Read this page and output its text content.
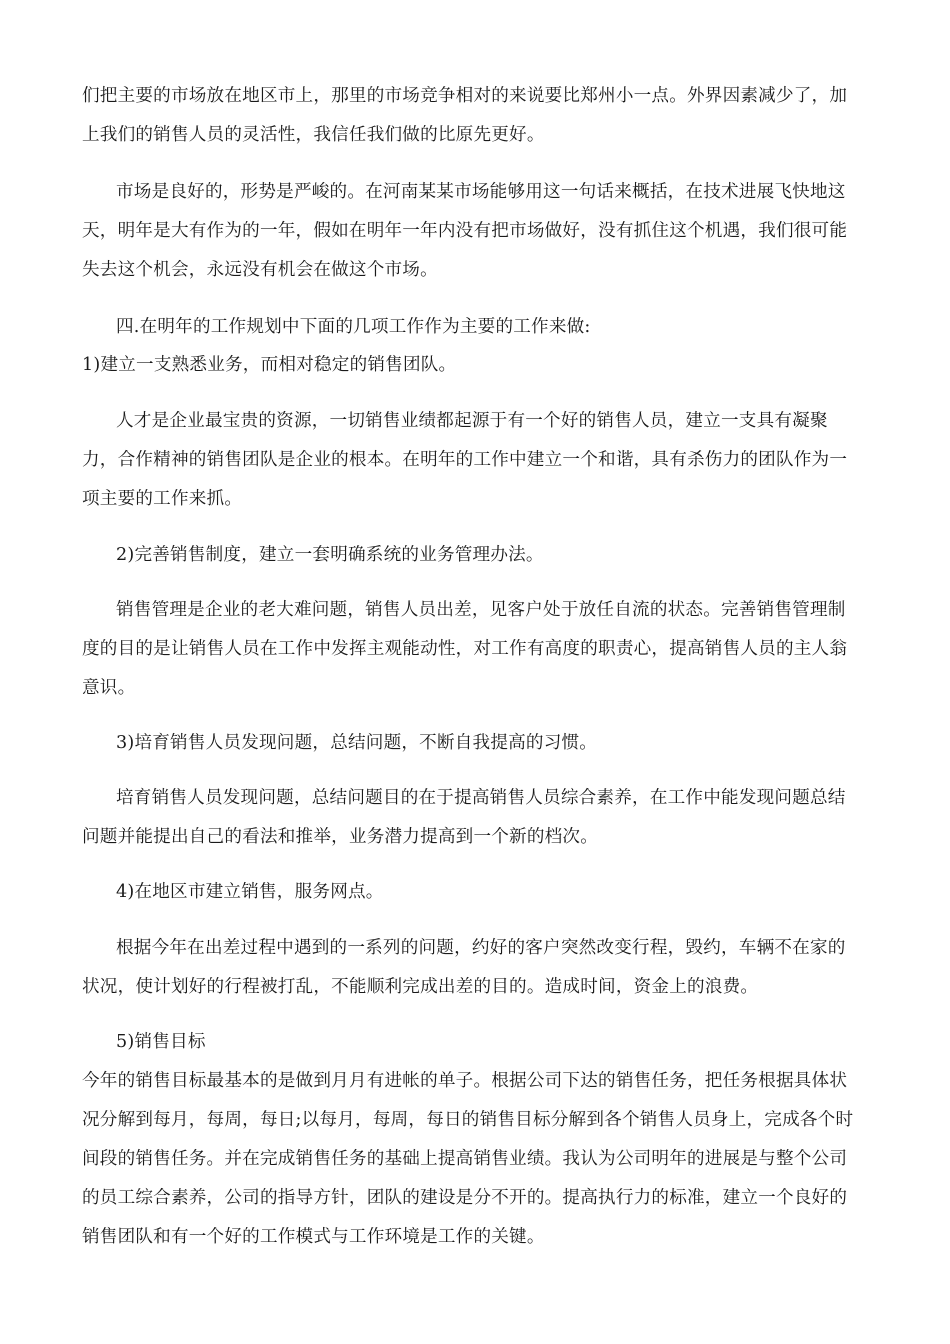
们把主要的市场放在地区市上，那里的市场竞争相对的来说要比郑州小一点。外界因素减少了，加
上我们的销售人员的灵活性，我信任我们做的比原先更好。
市场是良好的，形势是严峻的。在河南某某市场能够用这一句话来概括，在技术进展飞快地这
天，明年是大有作为的一年，假如在明年一年内没有把市场做好，没有抓住这个机遇，我们很可能
失去这个机会，永远没有机会在做这个市场。
四.在明年的工作规划中下面的几项工作作为主要的工作来做:
1)建立一支熟悉业务，而相对稳定的销售团队。
人才是企业最宝贵的资源，一切销售业绩都起源于有一个好的销售人员，建立一支具有凝聚
力，合作精神的销售团队是企业的根本。在明年的工作中建立一个和谐，具有杀伤力的团队作为一
项主要的工作来抓。
2)完善销售制度，建立一套明确系统的业务管理办法。
销售管理是企业的老大难问题，销售人员出差，见客户处于放任自流的状态。完善销售管理制
度的目的是让销售人员在工作中发挥主观能动性，对工作有高度的职责心，提高销售人员的主人翁
意识。
3)培育销售人员发现问题，总结问题，不断自我提高的习惯。
培育销售人员发现问题，总结问题目的在于提高销售人员综合素养，在工作中能发现问题总结
问题并能提出自己的看法和推举，业务潜力提高到一个新的档次。
4)在地区市建立销售，服务网点。
根据今年在出差过程中遇到的一系列的问题，约好的客户突然改变行程，毁约，车辆不在家的
状况，使计划好的行程被打乱，不能顺利完成出差的目的。造成时间，资金上的浪费。
5)销售目标
今年的销售目标最基本的是做到月月有进帐的单子。根据公司下达的销售任务，把任务根据具体状
况分解到每月，每周，每日;以每月，每周，每日的销售目标分解到各个销售人员身上，完成各个时
间段的销售任务。并在完成销售任务的基础上提高销售业绩。我认为公司明年的进展是与整个公司
的员工综合素养，公司的指导方针，团队的建设是分不开的。提高执行力的标准，建立一个良好的
销售团队和有一个好的工作模式与工作环境是工作的关键。
